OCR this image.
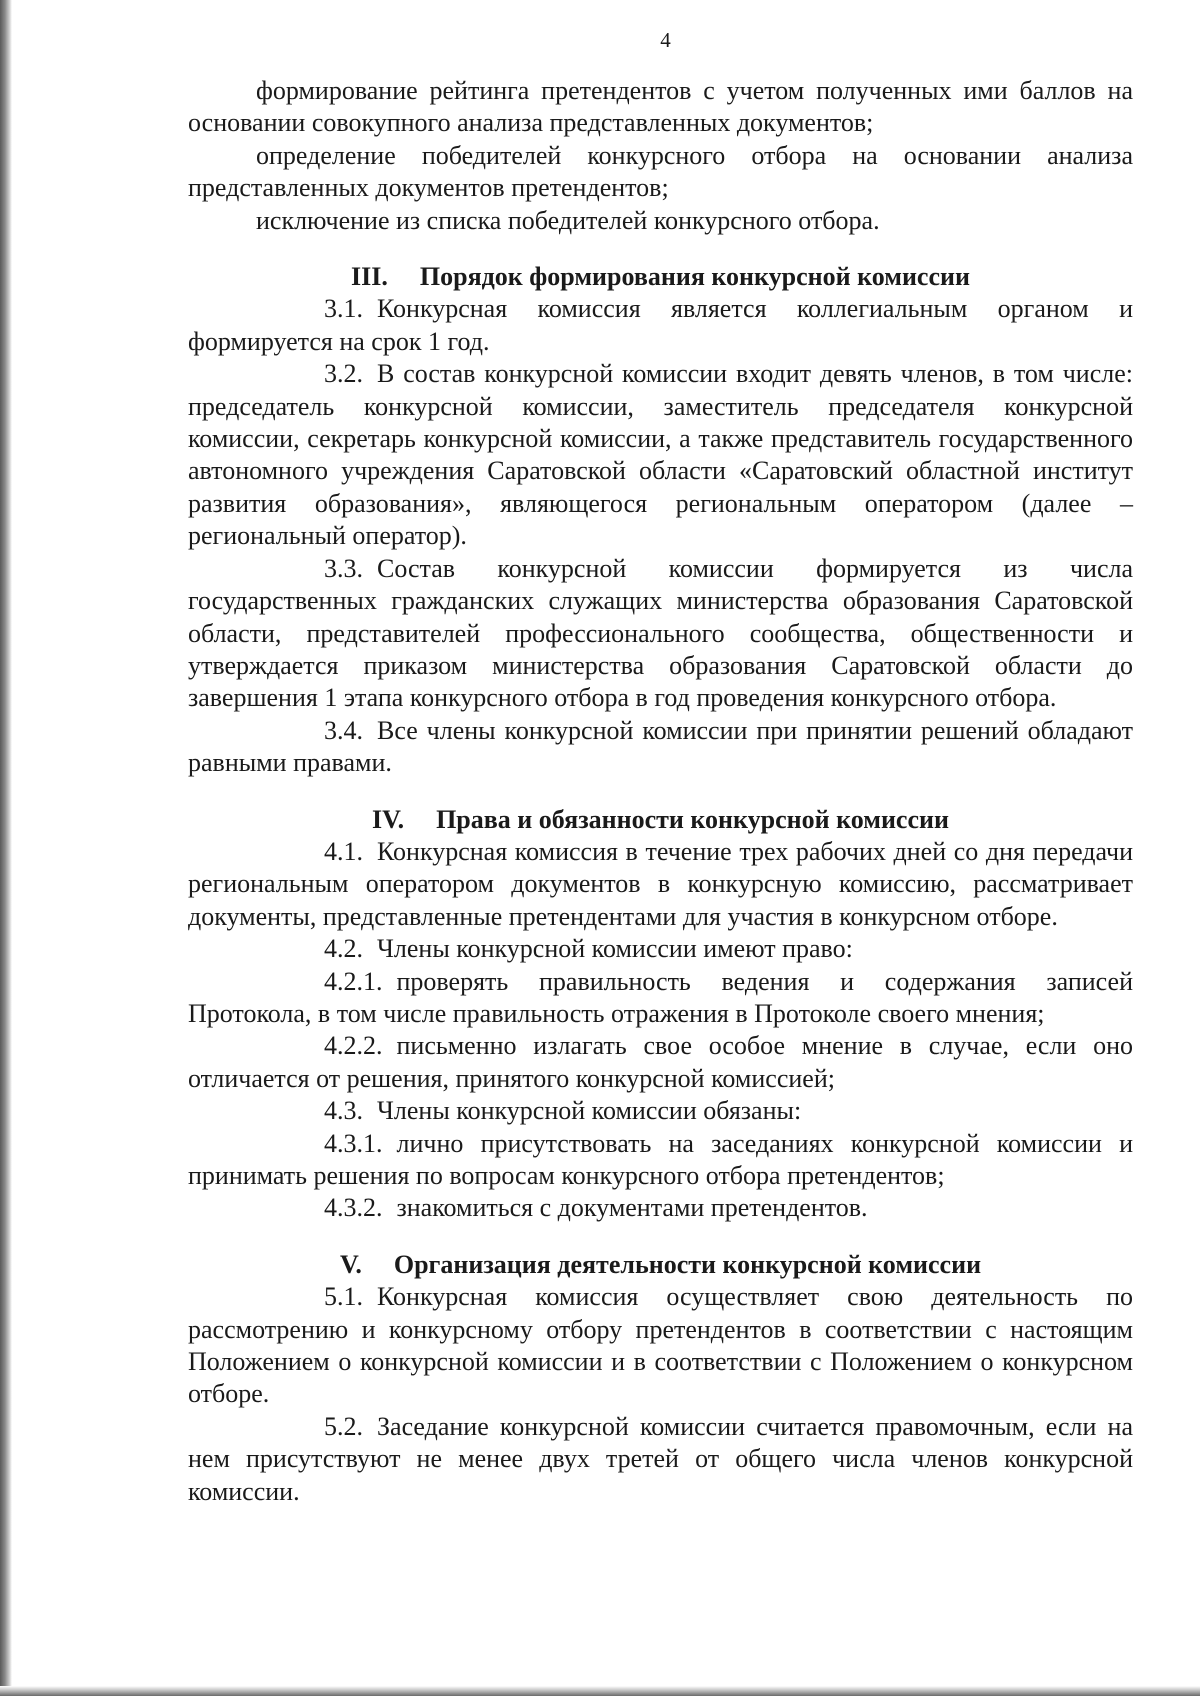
4

формирование рейтинга претендентов с учетом полученных ими баллов на основании совокупного анализа представленных документов;

определение победителей конкурсного отбора на основании анализа представленных документов претендентов;

исключение из списка победителей конкурсного отбора.

III. Порядок формирования конкурсной комиссии

3.1. Конкурсная комиссия является коллегиальным органом и формируется на срок 1 год.

3.2. В состав конкурсной комиссии входит девять членов, в том числе: председатель конкурсной комиссии, заместитель председателя конкурсной комиссии, секретарь конкурсной комиссии, а также представитель государственного автономного учреждения Саратовской области «Саратовский областной институт развития образования», являющегося региональным оператором (далее – региональный оператор).

3.3. Состав конкурсной комиссии формируется из числа государственных гражданских служащих министерства образования Саратовской области, представителей профессионального сообщества, общественности и утверждается приказом министерства образования Саратовской области до завершения 1 этапа конкурсного отбора в год проведения конкурсного отбора.

3.4. Все члены конкурсной комиссии при принятии решений обладают равными правами.

IV. Права и обязанности конкурсной комиссии

4.1. Конкурсная комиссия в течение трех рабочих дней со дня передачи региональным оператором документов в конкурсную комиссию, рассматривает документы, представленные претендентами для участия в конкурсном отборе.

4.2. Члены конкурсной комиссии имеют право:

4.2.1. проверять правильность ведения и содержания записей Протокола, в том числе правильность отражения в Протоколе своего мнения;

4.2.2. письменно излагать свое особое мнение в случае, если оно отличается от решения, принятого конкурсной комиссией;

4.3. Члены конкурсной комиссии обязаны:

4.3.1. лично присутствовать на заседаниях конкурсной комиссии и принимать решения по вопросам конкурсного отбора претендентов;

4.3.2. знакомиться с документами претендентов.

V. Организация деятельности конкурсной комиссии

5.1. Конкурсная комиссия осуществляет свою деятельность по рассмотрению и конкурсному отбору претендентов в соответствии с настоящим Положением о конкурсной комиссии и в соответствии с Положением о конкурсном отборе.

5.2. Заседание конкурсной комиссии считается правомочным, если на нем присутствуют не менее двух третей от общего числа членов конкурсной комиссии.
